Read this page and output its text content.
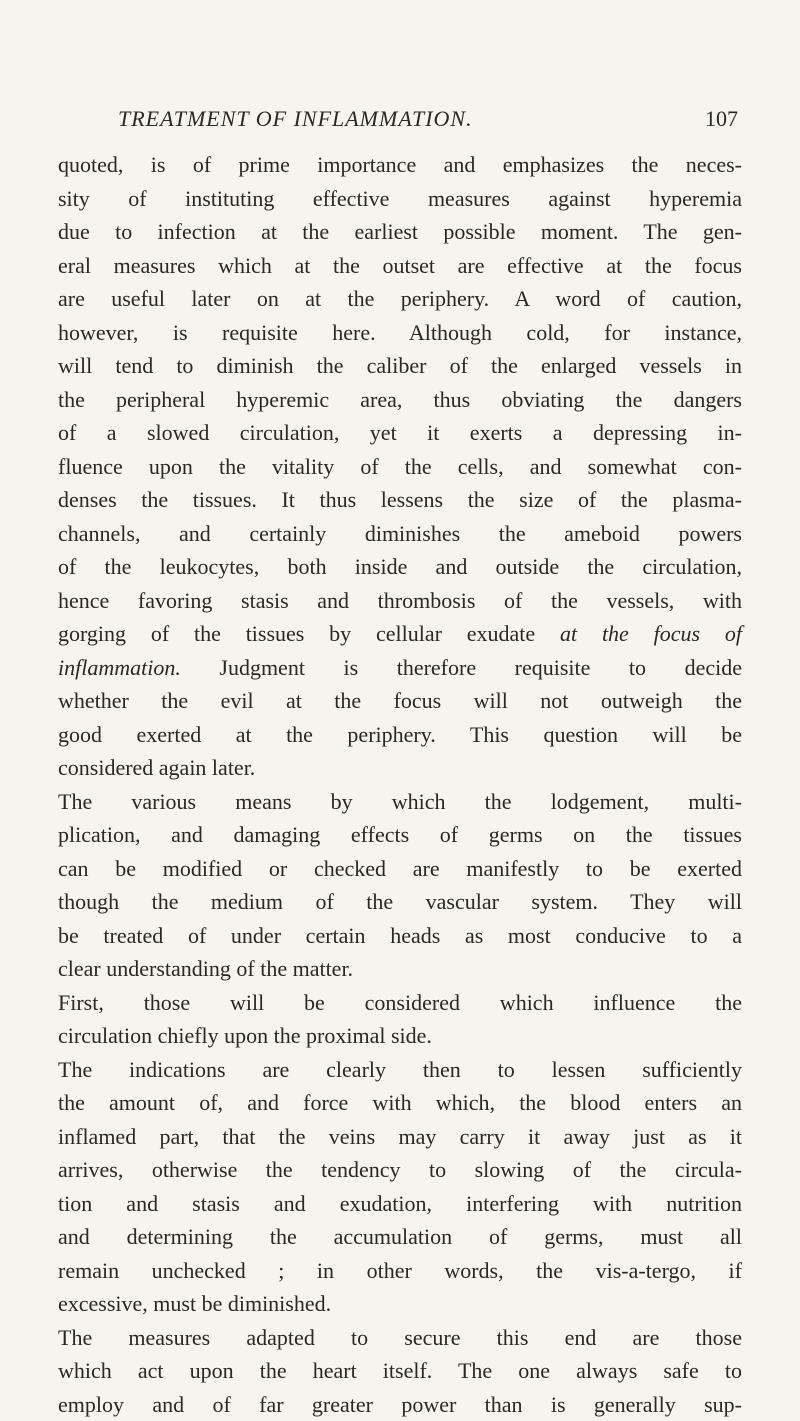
TREATMENT OF INFLAMMATION.	107
quoted, is of prime importance and emphasizes the neces-
sity of instituting effective measures against hyperemia
due to infection at the earliest possible moment. The gen-
eral measures which at the outset are effective at the focus
are useful later on at the periphery. A word of caution,
however, is requisite here. Although cold, for instance,
will tend to diminish the caliber of the enlarged vessels in
the peripheral hyperemic area, thus obviating the dangers
of a slowed circulation, yet it exerts a depressing in-
fluence upon the vitality of the cells, and somewhat con-
denses the tissues. It thus lessens the size of the plasma-
channels, and certainly diminishes the ameboid powers
of the leukocytes, both inside and outside the circulation,
hence favoring stasis and thrombosis of the vessels, with
gorging of the tissues by cellular exudate at the focus of
inflammation. Judgment is therefore requisite to decide
whether the evil at the focus will not outweigh the
good exerted at the periphery. This question will be
considered again later.
The various means by which the lodgement, multi-
plication, and damaging effects of germs on the tissues
can be modified or checked are manifestly to be exerted
though the medium of the vascular system. They will
be treated of under certain heads as most conducive to a
clear understanding of the matter.
First, those will be considered which influence the
circulation chiefly upon the proximal side.
The indications are clearly then to lessen sufficiently
the amount of, and force with which, the blood enters an
inflamed part, that the veins may carry it away just as it
arrives, otherwise the tendency to slowing of the circula-
tion and stasis and exudation, interfering with nutrition
and determining the accumulation of germs, must all
remain unchecked ; in other words, the vis-a-tergo, if
excessive, must be diminished.
The measures adapted to secure this end are those
which act upon the heart itself. The one always safe to
employ and of far greater power than is generally sup-
